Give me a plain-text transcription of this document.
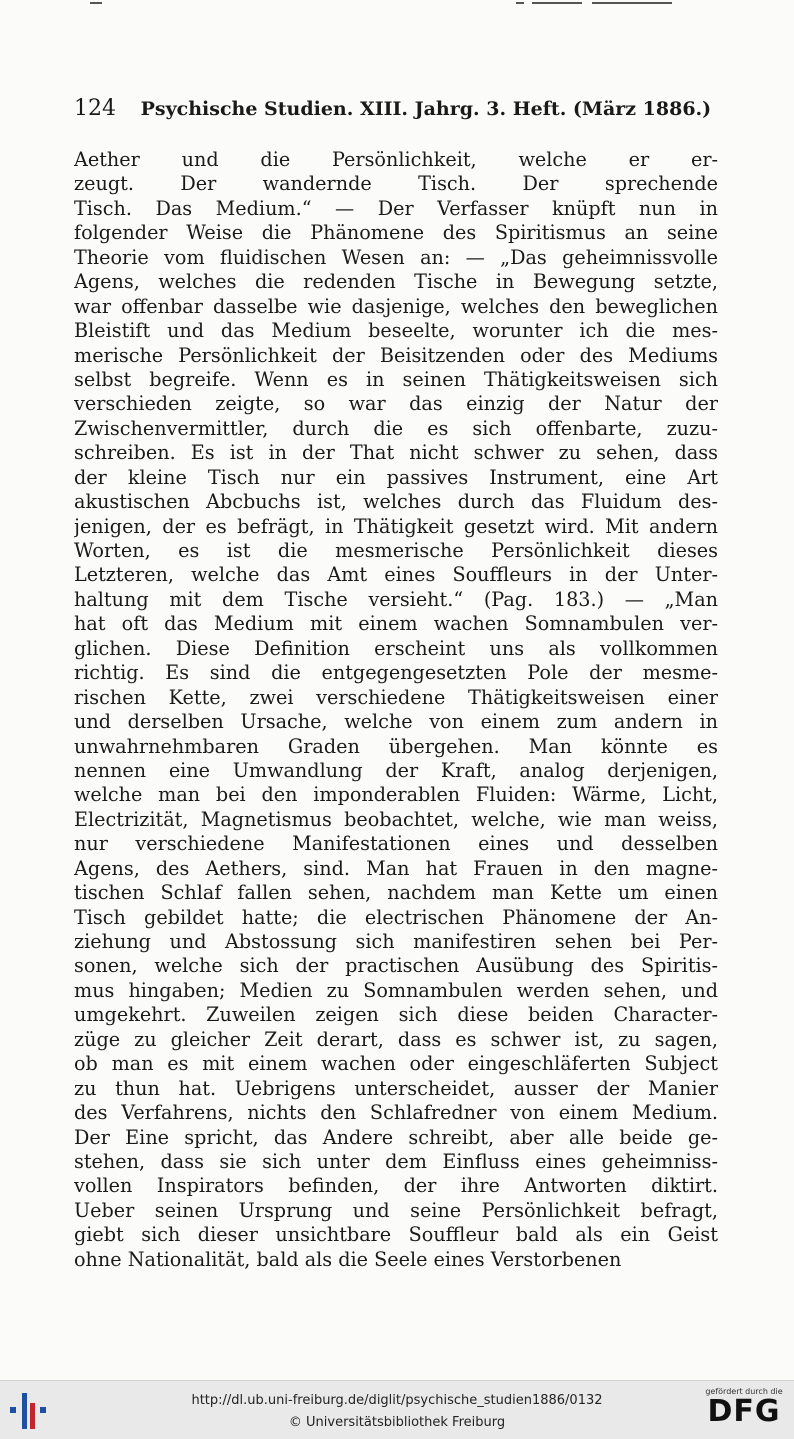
124 Psychische Studien. XIII. Jahrg. 3. Heft. (März 1886.)
Aether und die Persönlichkeit, welche er er-
zeugt. Der wandernde Tisch. Der sprechende
Tisch. Das Medium.“ — Der Verfasser knüpft nun in
folgender Weise die Phänomene des Spiritismus an seine
Theorie vom fluidischen Wesen an: — „Das geheimnissvolle
Agens, welches die redenden Tische in Bewegung setzte,
war offenbar dasselbe wie dasjenige, welches den beweglichen
Bleistift und das Medium beseelte, worunter ich die mes-
merische Persönlichkeit der Beisitzenden oder des Mediums
selbst begreife. Wenn es in seinen Thätigkeitsweisen sich
verschieden zeigte, so war das einzig der Natur der
Zwischenvermittler, durch die es sich offenbarte, zuzu-
schreiben. Es ist in der That nicht schwer zu sehen, dass
der kleine Tisch nur ein passives Instrument, eine Art
akustischen Abcbuchs ist, welches durch das Fluidum des-
jenigen, der es befrägt, in Thätigkeit gesetzt wird. Mit andern
Worten, es ist die mesmerische Persönlichkeit dieses
Letzteren, welche das Amt eines Souffleurs in der Unter-
haltung mit dem Tische versieht.“ (Pag. 183.) — „Man
hat oft das Medium mit einem wachen Somnambulen ver-
glichen. Diese Definition erscheint uns als vollkommen
richtig. Es sind die entgegengesetzten Pole der mesme-
rischen Kette, zwei verschiedene Thätigkeitsweisen einer
und derselben Ursache, welche von einem zum andern in
unwahrnehmbaren Graden übergehen. Man könnte es
nennen eine Umwandlung der Kraft, analog derjenigen,
welche man bei den imponderablen Fluiden: Wärme, Licht,
Electrizität, Magnetismus beobachtet, welche, wie man weiss,
nur verschiedene Manifestationen eines und desselben
Agens, des Aethers, sind. Man hat Frauen in den magne-
tischen Schlaf fallen sehen, nachdem man Kette um einen
Tisch gebildet hatte; die electrischen Phänomene der An-
ziehung und Abstossung sich manifestiren sehen bei Per-
sonen, welche sich der practischen Ausübung des Spiritis-
mus hingaben; Medien zu Somnambulen werden sehen, und
umgekehrt. Zuweilen zeigen sich diese beiden Character-
züge zu gleicher Zeit derart, dass es schwer ist, zu sagen,
ob man es mit einem wachen oder eingeschläferten Subject
zu thun hat. Uebrigens unterscheidet, ausser der Manier
des Verfahrens, nichts den Schlafredner von einem Medium.
Der Eine spricht, das Andere schreibt, aber alle beide ge-
stehen, dass sie sich unter dem Einfluss eines geheimniss-
vollen Inspirators befinden, der ihre Antworten diktirt.
Ueber seinen Ursprung und seine Persönlichkeit befragt,
giebt sich dieser unsichtbare Souffleur bald als ein Geist
ohne Nationalität, bald als die Seele eines Verstorbenen
http://dl.ub.uni-freiburg.de/diglit/psychische_studien1886/0132
© Universitätsbibliothek Freiburg
gefördert durch die
DFG
